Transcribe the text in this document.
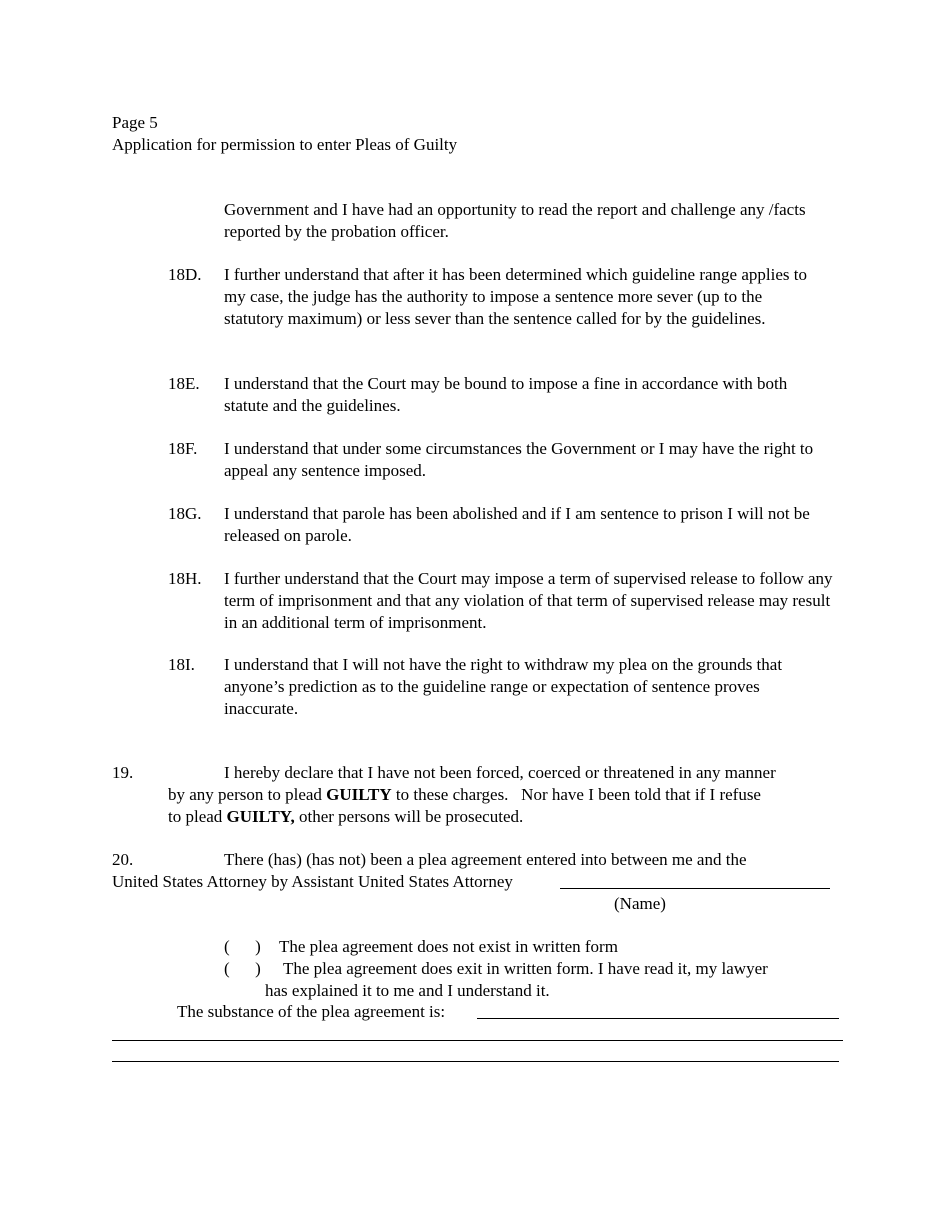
Page 5
Application for permission to enter Pleas of Guilty
Government and I have had an opportunity to read the report and challenge any /facts reported by the probation officer.
18D. I further understand that after it has been determined which guideline range applies to my case, the judge has the authority to impose a sentence more sever (up to the statutory maximum) or less sever than the sentence called for by the guidelines.
18E. I understand that the Court may be bound to impose a fine in accordance with both statute and the guidelines.
18F. I understand that under some circumstances the Government or I may have the right to appeal any sentence imposed.
18G. I understand that parole has been abolished and if I am sentence to prison I will not be released on parole.
18H. I further understand that the Court may impose a term of supervised release to follow any term of imprisonment and that any violation of that term of supervised release may result in an additional term of imprisonment.
18I. I understand that I will not have the right to withdraw my plea on the grounds that anyone’s prediction as to the guideline range or expectation of sentence proves inaccurate.
19.	I hereby declare that I have not been forced, coerced or threatened in any manner
by any person to plead GUILTY to these charges.   Nor have I been told that if I refuse
to plead GUILTY, other persons will be prosecuted.
20.	There (has) (has not) been a plea agreement entered into between me and the
United States Attorney by Assistant United States Attorney
(Name)
(      ) The plea agreement does not exist in written form
(      ) The plea agreement does exit in written form. I have read it, my lawyer
has explained it to me and I understand it.
The substance of the plea agreement is:
